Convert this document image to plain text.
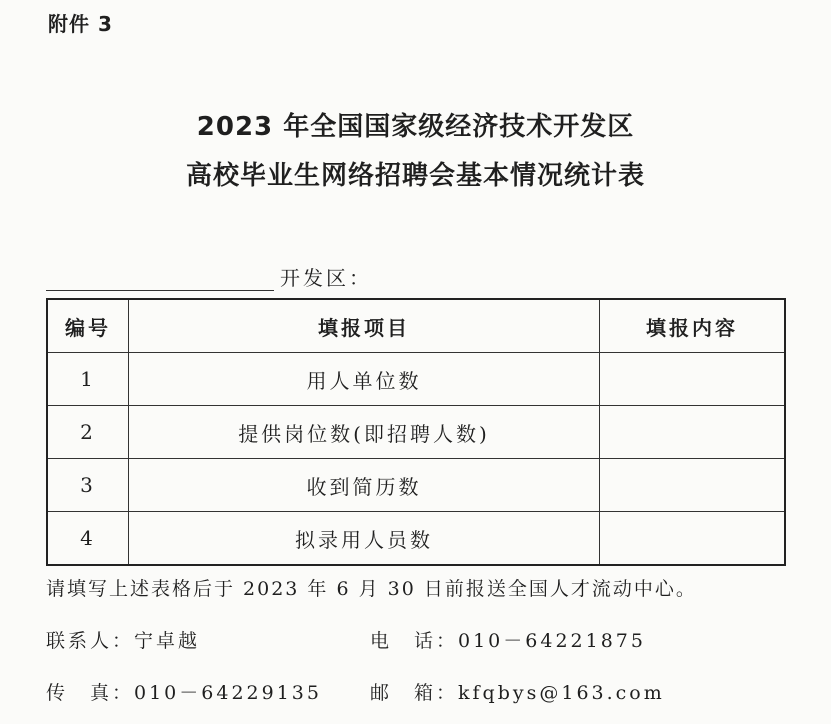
附件 3
2023 年全国国家级经济技术开发区
高校毕业生网络招聘会基本情况统计表
开发区：
编号	填报项目	填报内容
1	用人单位数	
2	提供岗位数(即招聘人数)	
3	收到简历数	
4	拟录用人员数	
请填写上述表格后于 2023 年 6 月 30 日前报送全国人才流动中心。
联系人：宁卓越	电　话：010－64221875
传　真：010－64229135	邮　箱：kfqbys@163.com
